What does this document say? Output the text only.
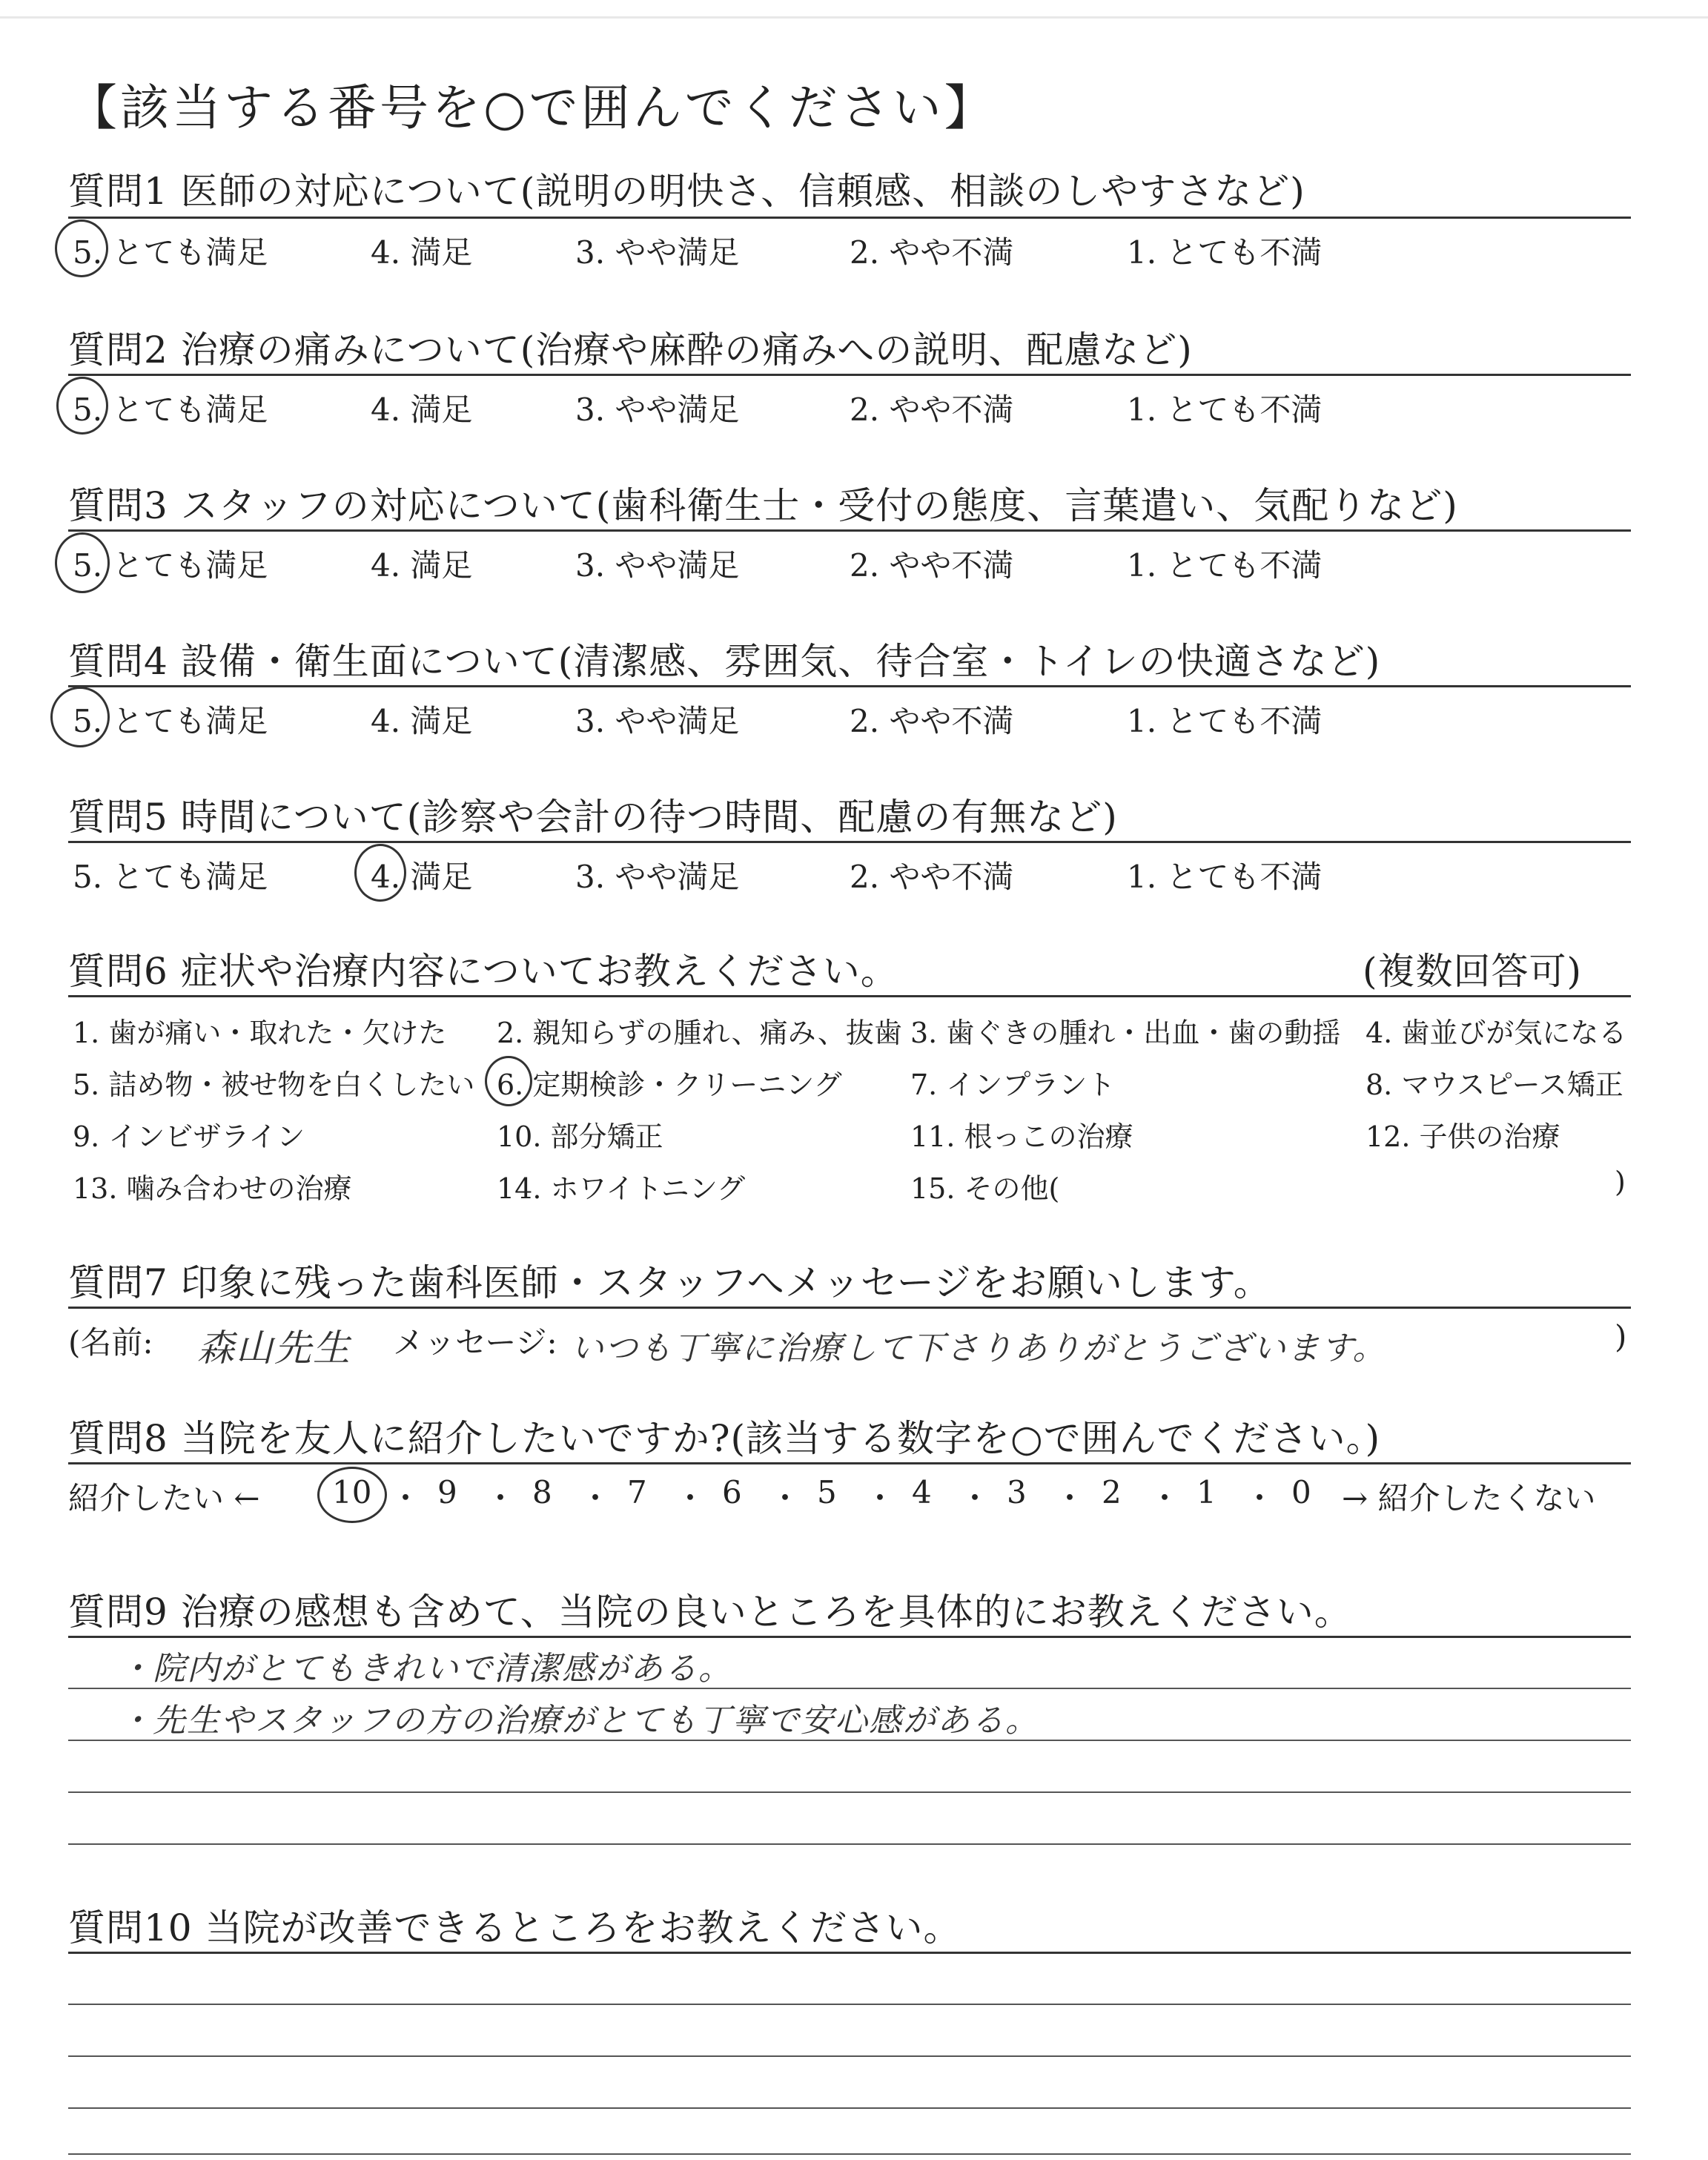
【該当する番号を○で囲んでください】
質問1 医師の対応について(説明の明快さ、信頼感、相談のしやすさなど)
5. とても満足	4. 満足	3. やや満足	2. やや不満	1. とても不満
質問2 治療の痛みについて(治療や麻酔の痛みへの説明、配慮など)
5. とても満足	4. 満足	3. やや満足	2. やや不満	1. とても不満
質問3 スタッフの対応について(歯科衛生士・受付の態度、言葉遣い、気配りなど)
5. とても満足	4. 満足	3. やや満足	2. やや不満	1. とても不満
質問4 設備・衛生面について(清潔感、雰囲気、待合室・トイレの快適さなど)
5. とても満足	4. 満足	3. やや満足	2. やや不満	1. とても不満
質問5 時間について(診察や会計の待つ時間、配慮の有無など)
5. とても満足	4. 満足	3. やや満足	2. やや不満	1. とても不満
質問6 症状や治療内容についてお教えください。	(複数回答可)
1. 歯が痛い・取れた・欠けた 2. 親知らずの腫れ、痛み、抜歯 3. 歯ぐきの腫れ・出血・歯の動揺 4. 歯並びが気になる
5. 詰め物・被せ物を白くしたい 6. 定期検診・クリーニング 7. インプラント	8. マウスピース矯正
9. インビザライン	10. 部分矯正	11. 根っこの治療	12. 子供の治療
13. 噛み合わせの治療	14. ホワイトニング	15. その他(	)
質問7 印象に残った歯科医師・スタッフへメッセージをお願いします。
(名前: 森山先生 メッセージ: いつも丁寧に治療して下さりありがとうございます。	)
質問8 当院を友人に紹介したいですか?(該当する数字を○で囲んでください。)
紹介したい ← 10 ・ 9 ・ 8 ・ 7 ・ 6 ・ 5 ・ 4 ・ 3 ・ 2 ・ 1 ・ 0 → 紹介したくない
質問9 治療の感想も含めて、当院の良いところを具体的にお教えください。
・院内がとてもきれいで清潔感がある。
・先生やスタッフの方の治療がとても丁寧で安心感がある。
質問10 当院が改善できるところをお教えください。
